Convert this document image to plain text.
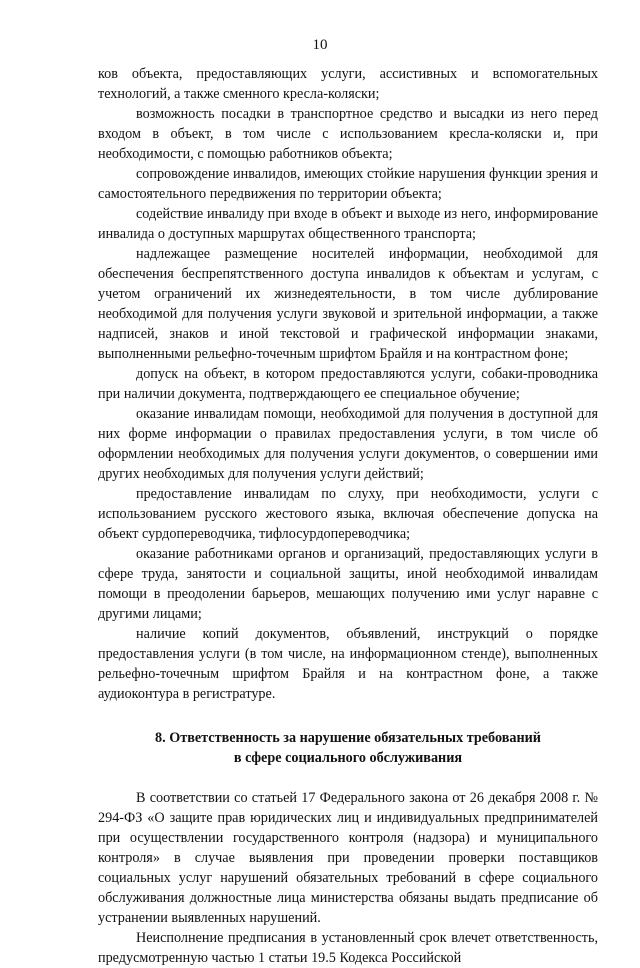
10

ков объекта, предоставляющих услуги, ассистивных и вспомогательных технологий, а также сменного кресла-коляски;

возможность посадки в транспортное средство и высадки из него перед входом в объект, в том числе с использованием кресла-коляски и, при необходимости, с помощью работников объекта;

сопровождение инвалидов, имеющих стойкие нарушения функции зрения и самостоятельного передвижения по территории объекта;

содействие инвалиду при входе в объект и выходе из него, информирование инвалида о доступных маршрутах общественного транспорта;

надлежащее размещение носителей информации, необходимой для обеспечения беспрепятственного доступа инвалидов к объектам и услугам, с учетом ограничений их жизнедеятельности, в том числе дублирование необходимой для получения услуги звуковой и зрительной информации, а также надписей, знаков и иной текстовой и графической информации знаками, выполненными рельефно-точечным шрифтом Брайля и на контрастном фоне;

допуск на объект, в котором предоставляются услуги, собаки-проводника при наличии документа, подтверждающего ее специальное обучение;

оказание инвалидам помощи, необходимой для получения в доступной для них форме информации о правилах предоставления услуги, в том числе об оформлении необходимых для получения услуги документов, о совершении ими других необходимых для получения услуги действий;

предоставление инвалидам по слуху, при необходимости, услуги с использованием русского жестового языка, включая обеспечение допуска на объект сурдопереводчика, тифлосурдопереводчика;

оказание работниками органов и организаций, предоставляющих услуги в сфере труда, занятости и социальной защиты, иной необходимой инвалидам помощи в преодолении барьеров, мешающих получению ими услуг наравне с другими лицами;

наличие копий документов, объявлений, инструкций о порядке предоставления услуги (в том числе, на информационном стенде), выполненных рельефно-точечным шрифтом Брайля и на контрастном фоне, а также аудиоконтура в регистратуре.

8. Ответственность за нарушение обязательных требований
в сфере социального обслуживания

В соответствии со статьей 17 Федерального закона от 26 декабря 2008 г. № 294-ФЗ «О защите прав юридических лиц и индивидуальных предпринимателей при осуществлении государственного контроля (надзора) и муниципального контроля» в случае выявления при проведении проверки поставщиков социальных услуг нарушений обязательных требований в сфере социального обслуживания должностные лица министерства обязаны выдать предписание об устранении выявленных нарушений.

Неисполнение предписания в установленный срок влечет ответственность, предусмотренную частью 1 статьи 19.5 Кодекса Российской
